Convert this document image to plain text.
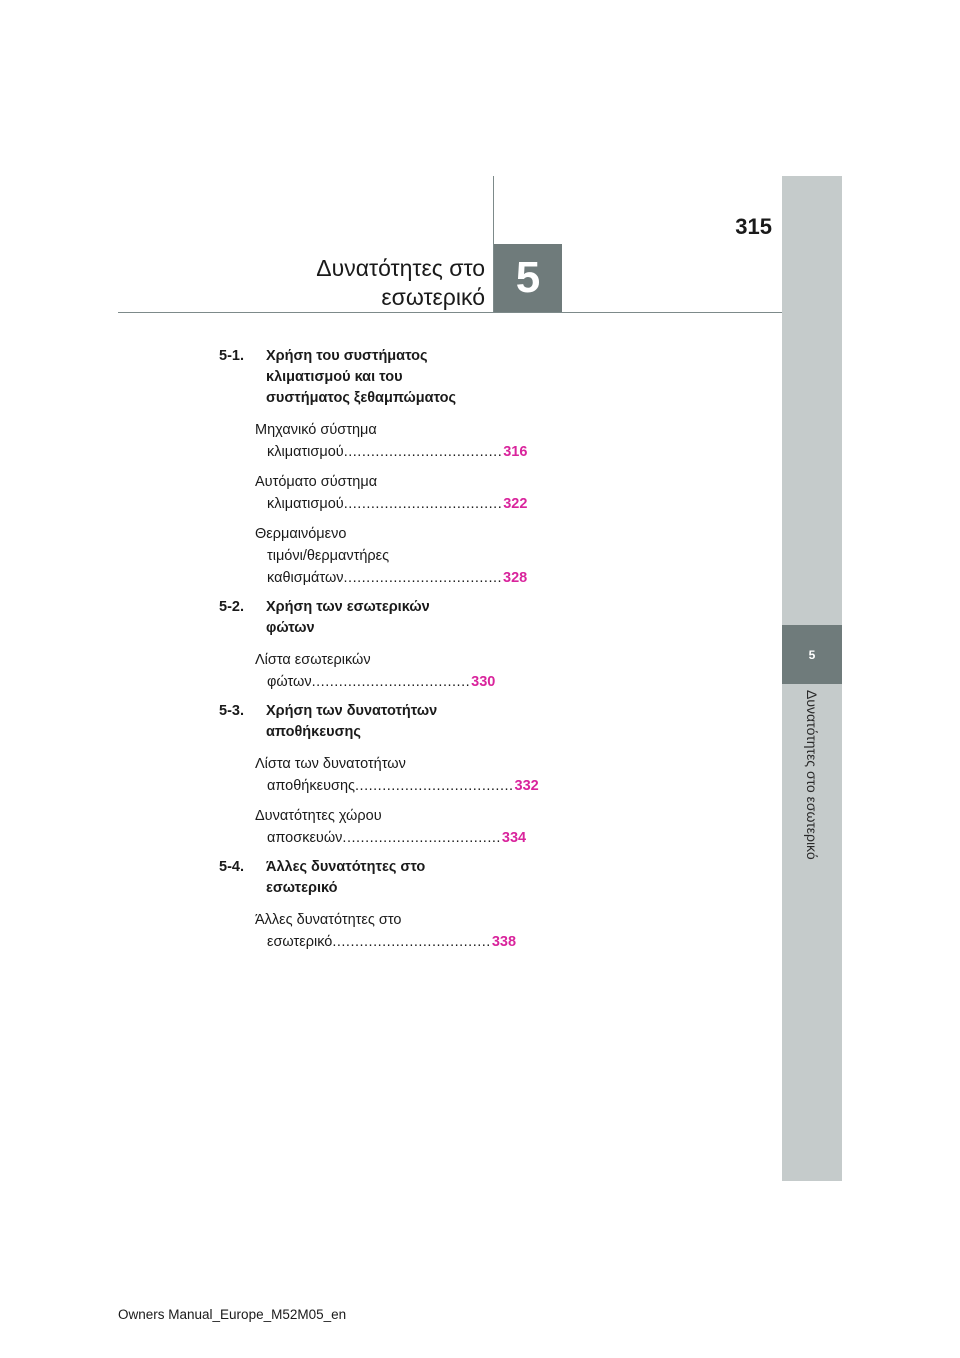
Δυνατότητες στο
εσωτερικό 5
315
5
Δυνατότητες στο εσωτερικό
5-1. Χρήση του συστήματος
κλιματισμού και του
συστήματος ξεθαμπώματος
Μηχανικό σύστημα
κλιματισμού ................................... 316
Αυτόματο σύστημα
κλιματισμού ................................... 322
Θερμαινόμενο
τιμόνι/θερμαντήρες
καθισμάτων ................................... 328
5-2. Χρήση των εσωτερικών
φώτων
Λίστα εσωτερικών
φώτων ................................... 330
5-3. Χρήση των δυνατοτήτων
αποθήκευσης
Λίστα των δυνατοτήτων
αποθήκευσης ................................... 332
Δυνατότητες χώρου
αποσκευών ................................... 334
5-4. Άλλες δυνατότητες στο
εσωτερικό
Άλλες δυνατότητες στο
εσωτερικό ................................... 338
Owners Manual_Europe_M52M05_en
